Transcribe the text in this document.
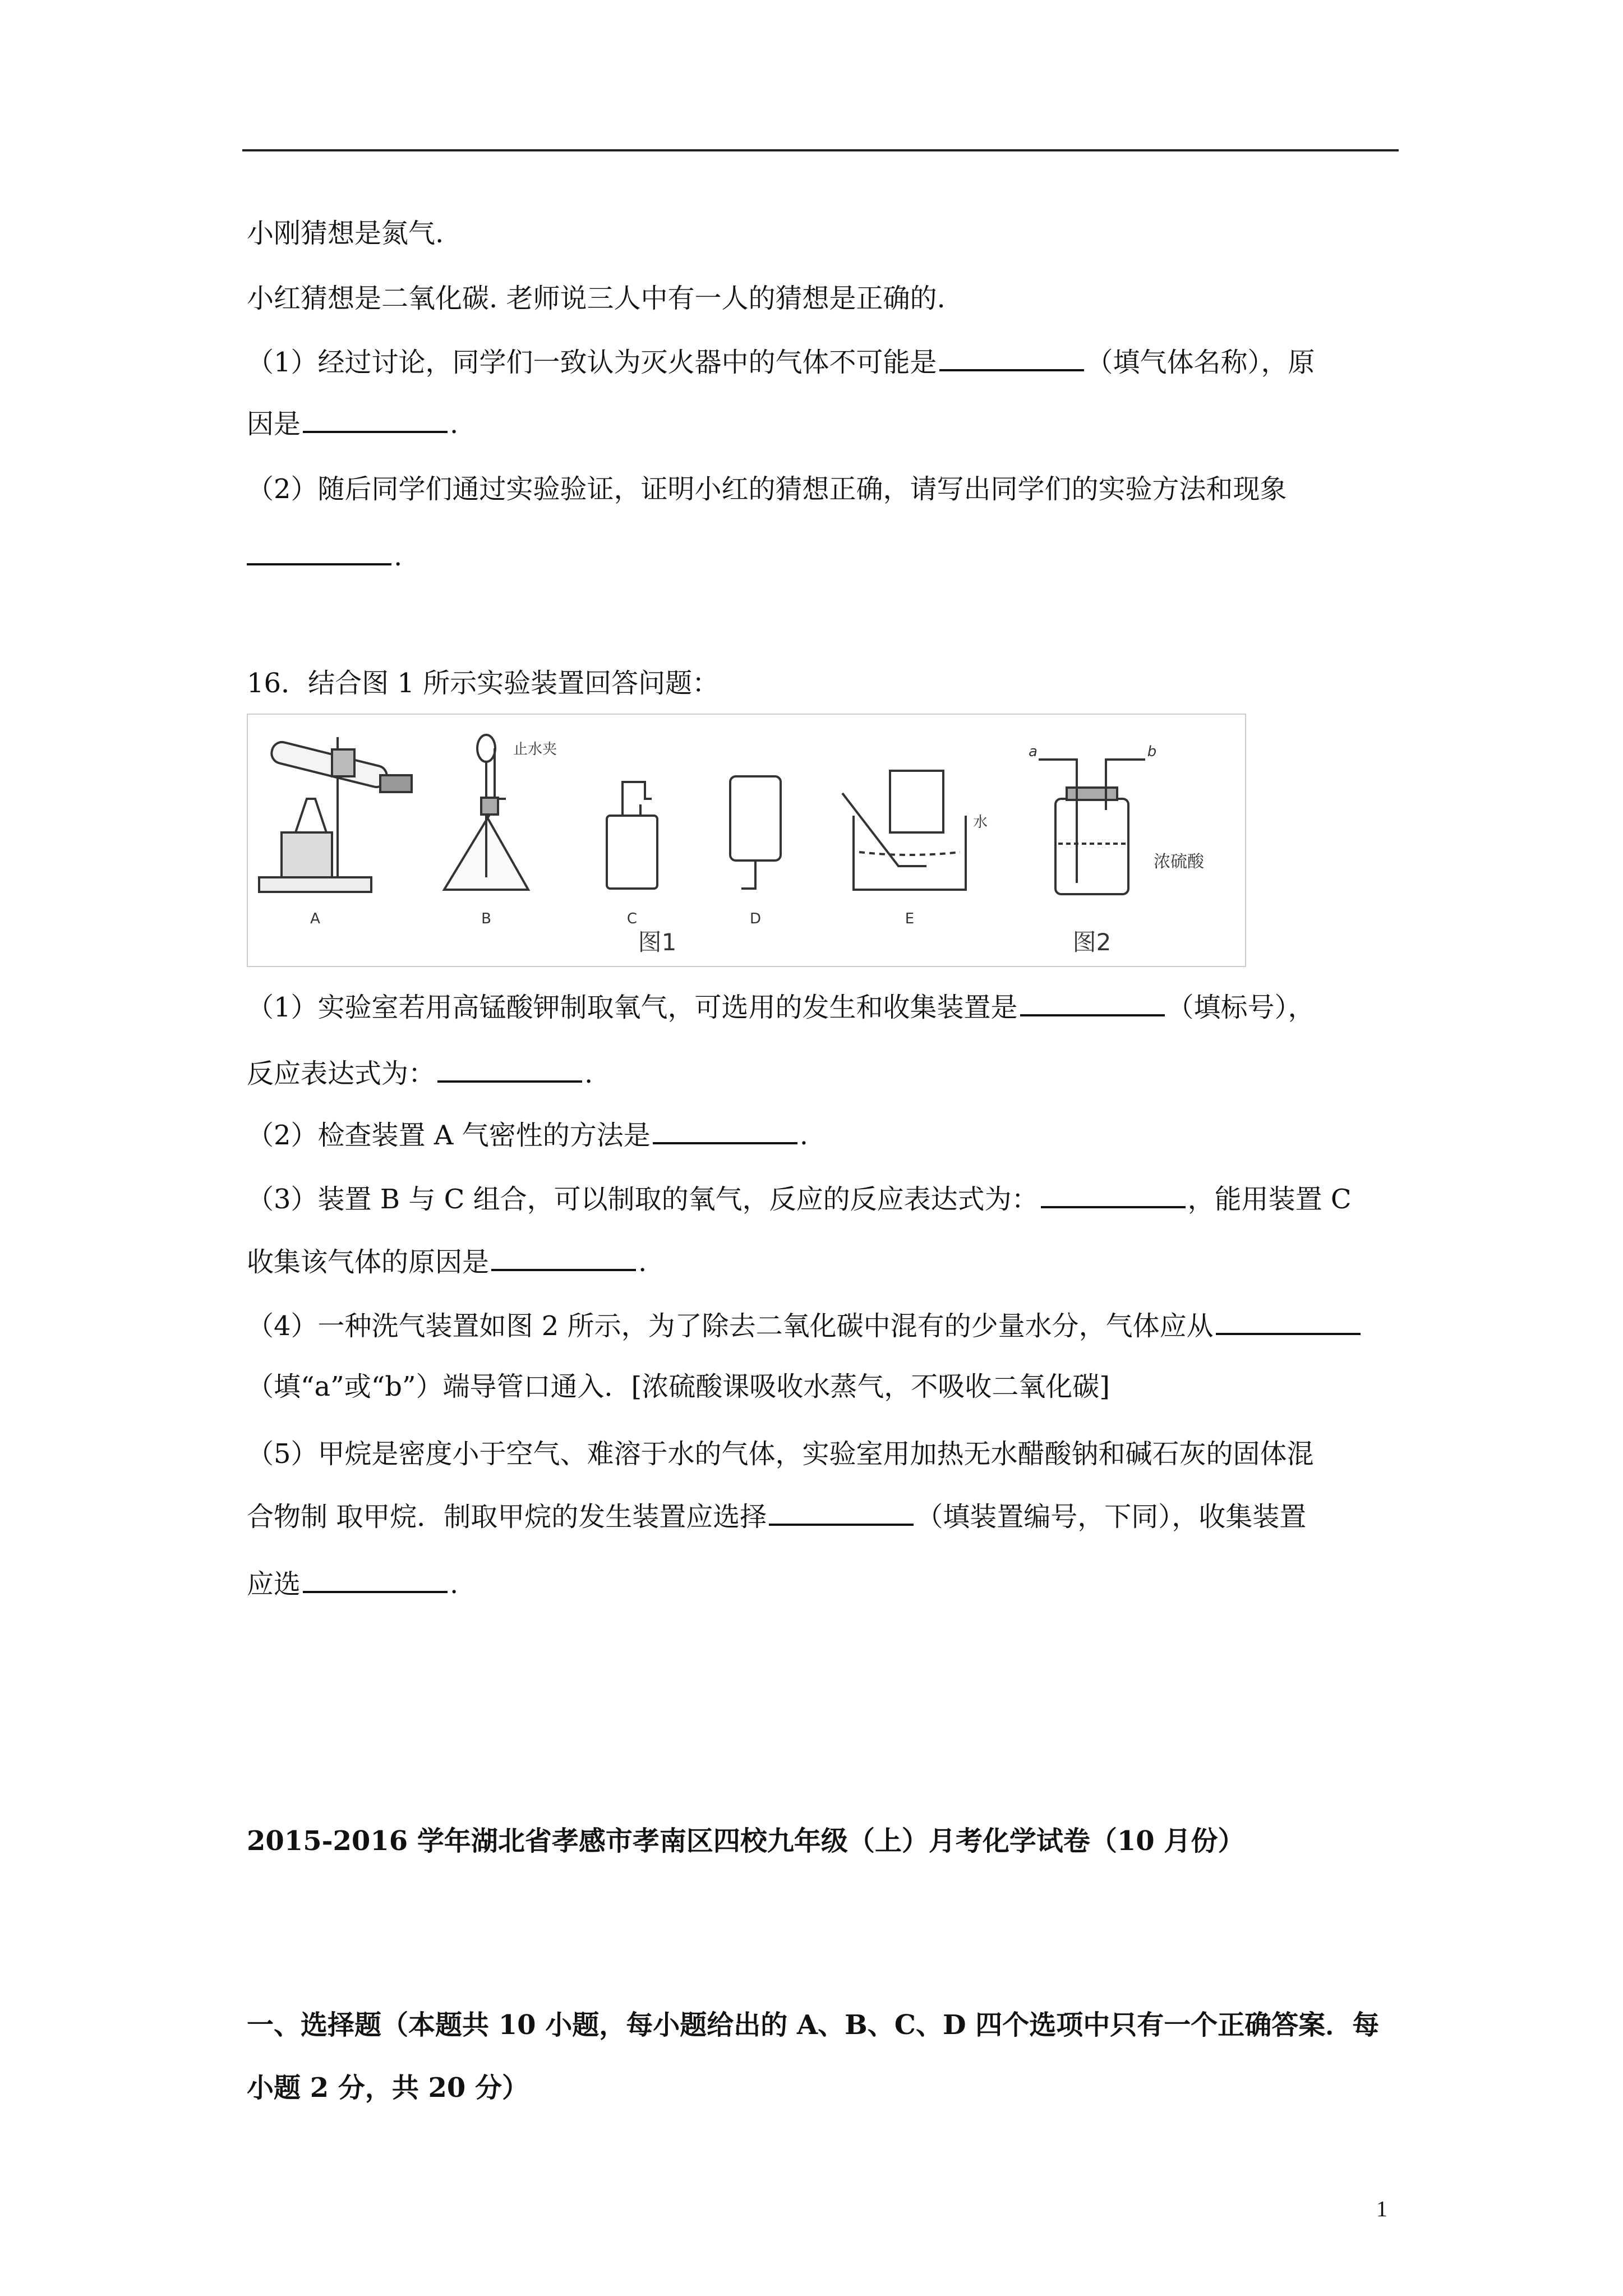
小刚猜想是氮气.
小红猜想是二氧化碳. 老师说三人中有一人的猜想是正确的.
（1）经过讨论，同学们一致认为灭火器中的气体不可能是	（填气体名称），原
因是	.
（2）随后同学们通过实验验证，证明小红的猜想正确，请写出同学们的实验方法和现象
.
16．结合图 1 所示实验装置回答问题：
A	B	C	D	E
止水夹
水
浓硫酸
a	b
图1	图2
（1）实验室若用高锰酸钾制取氧气，可选用的发生和收集装置是	（填标号），
反应表达式为：	.
（2）检查装置 A 气密性的方法是	.
（3）装置 B 与 C 组合，可以制取的氧气，反应的反应表达式为：	，能用装置 C
收集该气体的原因是	.
（4）一种洗气装置如图 2 所示，为了除去二氧化碳中混有的少量水分，气体应从
（填“a”或“b”）端导管口通入．[浓硫酸课吸收水蒸气，不吸收二氧化碳]
（5）甲烷是密度小于空气、难溶于水的气体，实验室用加热无水醋酸钠和碱石灰的固体混
合物制 取甲烷．制取甲烷的发生装置应选择	（填装置编号，下同），收集装置
应选	.
2015-2016 学年湖北省孝感市孝南区四校九年级（上）月考化学试卷（10 月份）
一、选择题（本题共 10 小题，每小题给出的 A、B、C、D 四个选项中只有一个正确答案．每
小题 2 分，共 20 分）
1
